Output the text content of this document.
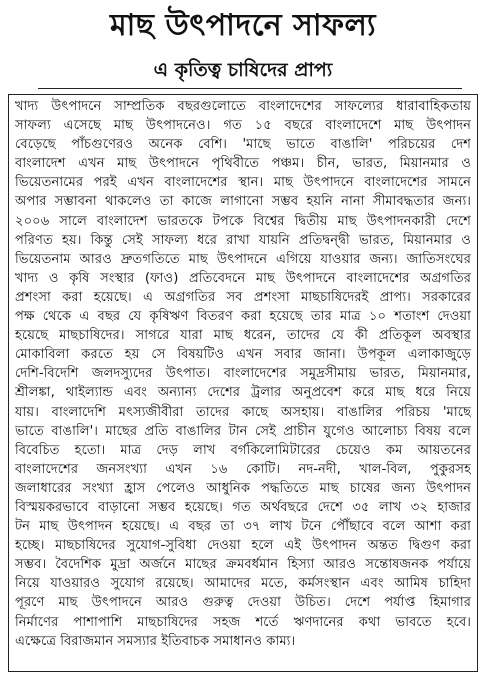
মাছ উৎপাদনে সাফল্য
এ কৃতিত্ব চাষিদের প্রাপ্য
খাদ্য উৎপাদনে সাম্প্রতিক বছরগুলোতে বাংলাদেশের সাফল্যের ধারাবাহিকতায়
সাফল্য এসেছে মাছ উৎপাদনেও। গত ১৫ বছরে বাংলাদেশে মাছ উৎপাদন
বেড়েছে পাঁচগুণেরও অনেক বেশি। 'মাছে ভাতে বাঙালি' পরিচয়ের দেশ
বাংলাদেশ এখন মাছ উৎপাদনে পৃথিবীতে পঞ্চম। চীন, ভারত, মিয়ানমার ও
ভিয়েতনামের পরই এখন বাংলাদেশের স্থান। মাছ উৎপাদনে বাংলাদেশের সামনে
অপার সম্ভাবনা থাকলেও তা কাজে লাগানো সম্ভব হয়নি নানা সীমাবদ্ধতার জন্য।
২০০৬ সালে বাংলাদেশ ভারতকে টপকে বিশ্বের দ্বিতীয় মাছ উৎপাদনকারী দেশে
পরিণত হয়। কিন্তু সেই সাফল্য ধরে রাখা যায়নি প্রতিদ্বন্দ্বী ভারত, মিয়ানমার ও
ভিয়েতনাম আরও দ্রুতগতিতে মাছ উৎপাদনে এগিয়ে যাওয়ার জন্য। জাতিসংঘের
খাদ্য ও কৃষি সংস্থার (ফাও) প্রতিবেদনে মাছ উৎপাদনে বাংলাদেশের অগ্রগতির
প্রশংসা করা হয়েছে। এ অগ্রগতির সব প্রশংসা মাছচাষিদেরই প্রাপ্য। সরকারের
পক্ষ থেকে এ বছর যে কৃষিঋণ বিতরণ করা হয়েছে তার মাত্র ১০ শতাংশ দেওয়া
হয়েছে মাছচাষিদের। সাগরে যারা মাছ ধরেন, তাদের যে কী প্রতিকূল অবস্থার
মোকাবিলা করতে হয় সে বিষয়টিও এখন সবার জানা। উপকূল এলাকাজুড়ে
দেশি-বিদেশি জলদস্যুদের উৎপাত। বাংলাদেশের সমুদ্রসীমায় ভারত, মিয়ানমার,
শ্রীলঙ্কা, থাইল্যান্ড এবং অন্যান্য দেশের ট্রলার অনুপ্রবেশ করে মাছ ধরে নিয়ে
যায়। বাংলাদেশি মৎস্যজীবীরা তাদের কাছে অসহায়। বাঙালির পরিচয় 'মাছে
ভাতে বাঙালি'। মাছের প্রতি বাঙালির টান সেই প্রাচীন যুগেও আলোচ্য বিষয় বলে
বিবেচিত হতো। মাত্র দেড় লাখ বর্গকিলোমিটারের চেয়েও কম আয়তনের
বাংলাদেশের জনসংখ্যা এখন ১৬ কোটি। নদ-নদী, খাল-বিল, পুকুরসহ
জলাধারের সংখ্যা হ্রাস পেলেও আধুনিক পদ্ধতিতে মাছ চাষের জন্য উৎপাদন
বিস্ময়করভাবে বাড়ানো সম্ভব হয়েছে। গত অর্থবছরে দেশে ৩৫ লাখ ৩২ হাজার
টন মাছ উৎপাদন হয়েছে। এ বছর তা ৩৭ লাখ টনে পৌঁছাবে বলে আশা করা
হচ্ছে। মাছচাষিদের সুযোগ-সুবিধা দেওয়া হলে এই উৎপাদন অন্তত দ্বিগুণ করা
সম্ভব। বৈদেশিক মুদ্রা অর্জনে মাছের ক্রমবর্ধমান হিস্যা আরও সন্তোষজনক পর্যায়ে
নিয়ে যাওয়ারও সুযোগ রয়েছে। আমাদের মতে, কর্মসংস্থান এবং আমিষ চাহিদা
পূরণে মাছ উৎপাদনে আরও গুরুত্ব দেওয়া উচিত। দেশে পর্যাপ্ত হিমাগার
নির্মাণের পাশাপাশি মাছচাষিদের সহজ শর্তে ঋণদানের কথা ভাবতে হবে।
এক্ষেত্রে বিরাজমান সমস্যার ইতিবাচক সমাধানও কাম্য।
